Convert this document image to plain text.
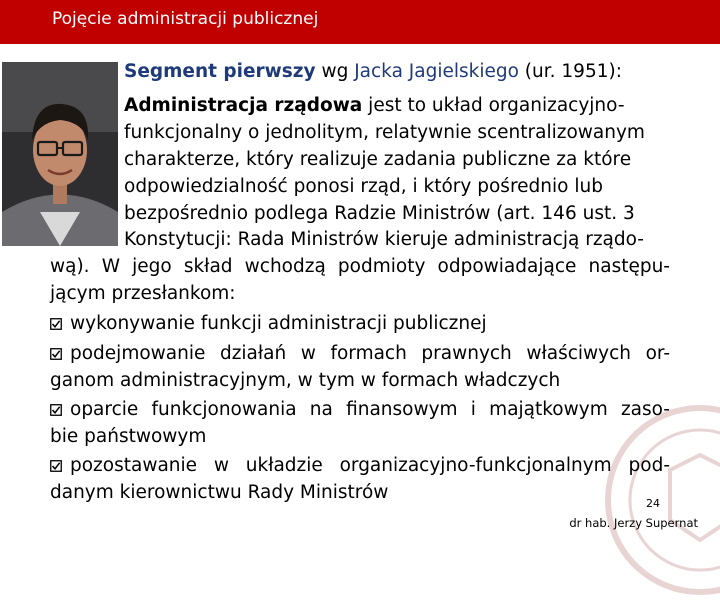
Pojęcie administracji publicznej
Segment pierwszy wg Jacka Jagielskiego (ur. 1951):
Administracja rządowa jest to układ organizacyjno-
funkcjonalny o jednolitym, relatywnie scentralizowanym
charakterze, który realizuje zadania publiczne za które
odpowiedzialność ponosi rząd, i który pośrednio lub
bezpośrednio podlega Radzie Ministrów (art. 146 ust. 3
Konstytucji: Rada Ministrów kieruje administracją rządo-
wą). W jego skład wchodzą podmioty odpowiadające następu-
jącym przesłankom:
wykonywanie funkcji administracji publicznej
podejmowanie działań w formach prawnych właściwych or-
ganom administracyjnym, w tym w formach władczych
oparcie funkcjonowania na finansowym i majątkowym zaso-
bie państwowym
pozostawanie w układzie organizacyjno-funkcjonalnym pod-
danym kierownictwu Rady Ministrów
24
dr hab. Jerzy Supernat
